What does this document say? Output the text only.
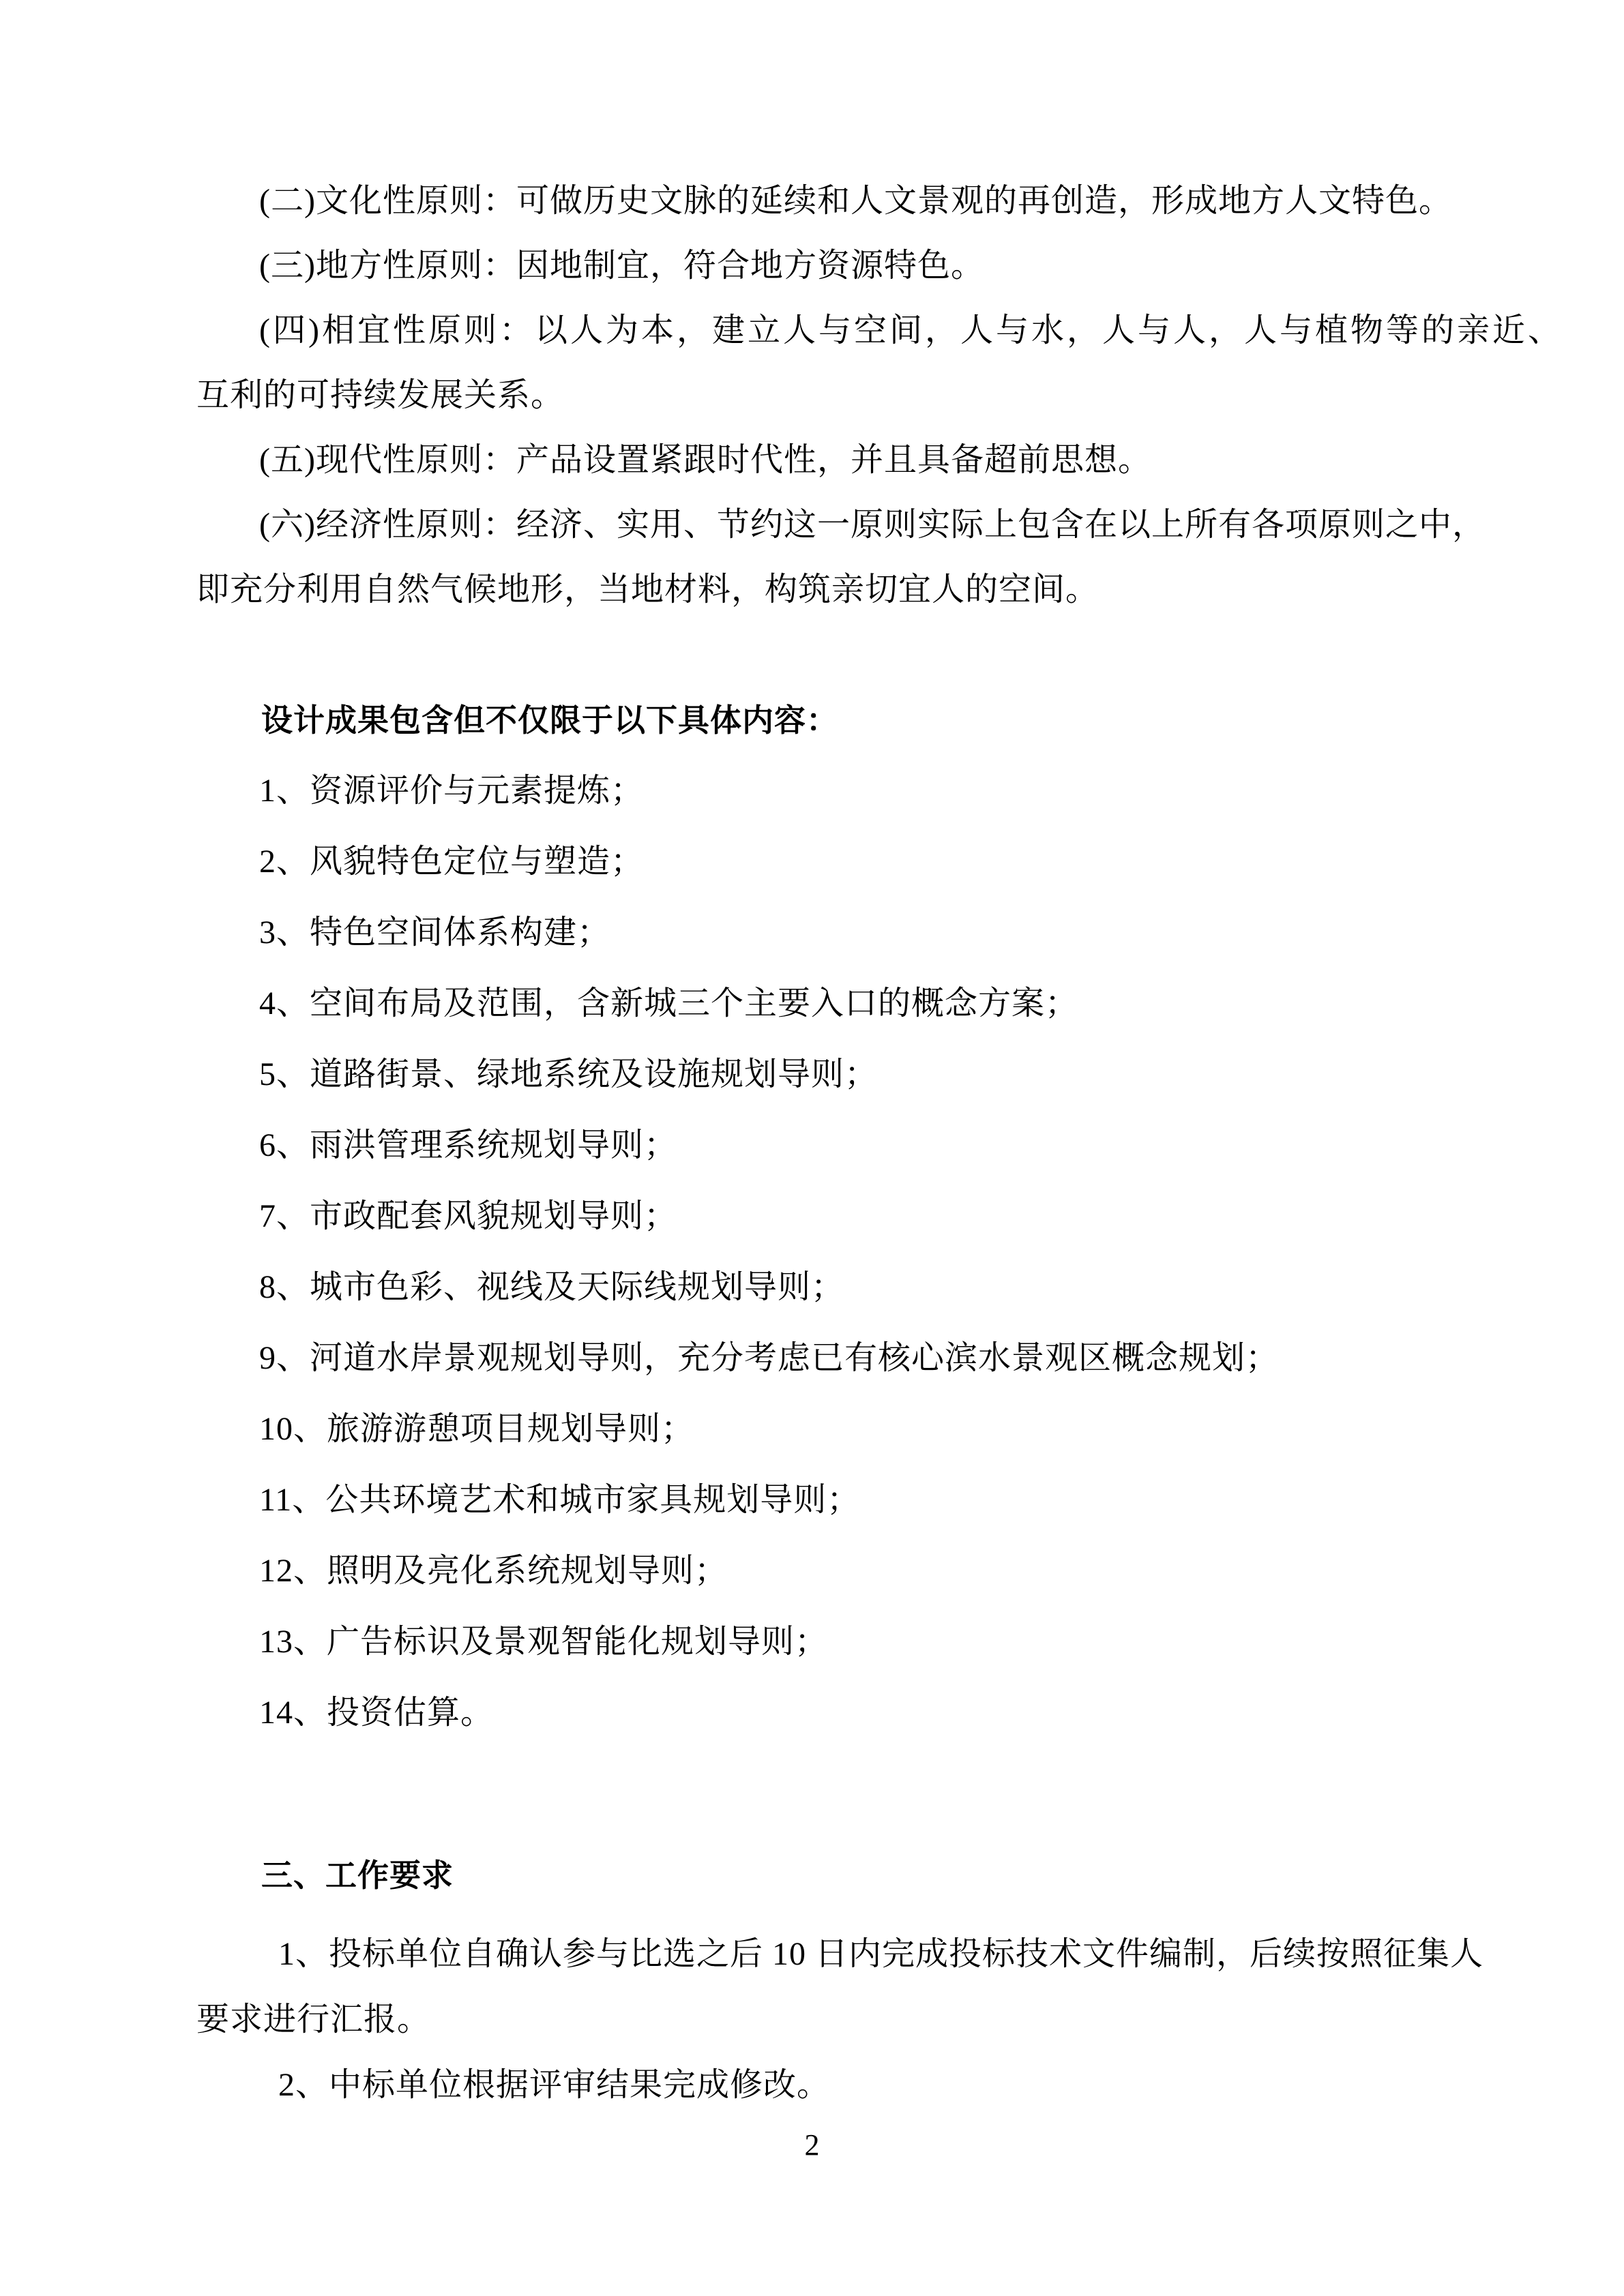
(二)文化性原则：可做历史文脉的延续和人文景观的再创造，形成地方人文特色。
(三)地方性原则：因地制宜，符合地方资源特色。
(四)相宜性原则：以人为本，建立人与空间，人与水，人与人，人与植物等的亲近、
互利的可持续发展关系。
(五)现代性原则：产品设置紧跟时代性，并且具备超前思想。
(六)经济性原则：经济、实用、节约这一原则实际上包含在以上所有各项原则之中，
即充分利用自然气候地形，当地材料，构筑亲切宜人的空间。
设计成果包含但不仅限于以下具体内容：
1、资源评价与元素提炼；
2、风貌特色定位与塑造；
3、特色空间体系构建；
4、空间布局及范围，含新城三个主要入口的概念方案；
5、道路街景、绿地系统及设施规划导则；
6、雨洪管理系统规划导则；
7、市政配套风貌规划导则；
8、城市色彩、视线及天际线规划导则；
9、河道水岸景观规划导则，充分考虑已有核心滨水景观区概念规划；
10、旅游游憩项目规划导则；
11、公共环境艺术和城市家具规划导则；
12、照明及亮化系统规划导则；
13、广告标识及景观智能化规划导则；
14、投资估算。
三、工作要求
1、投标单位自确认参与比选之后 10 日内完成投标技术文件编制，后续按照征集人
要求进行汇报。
2、中标单位根据评审结果完成修改。
2
